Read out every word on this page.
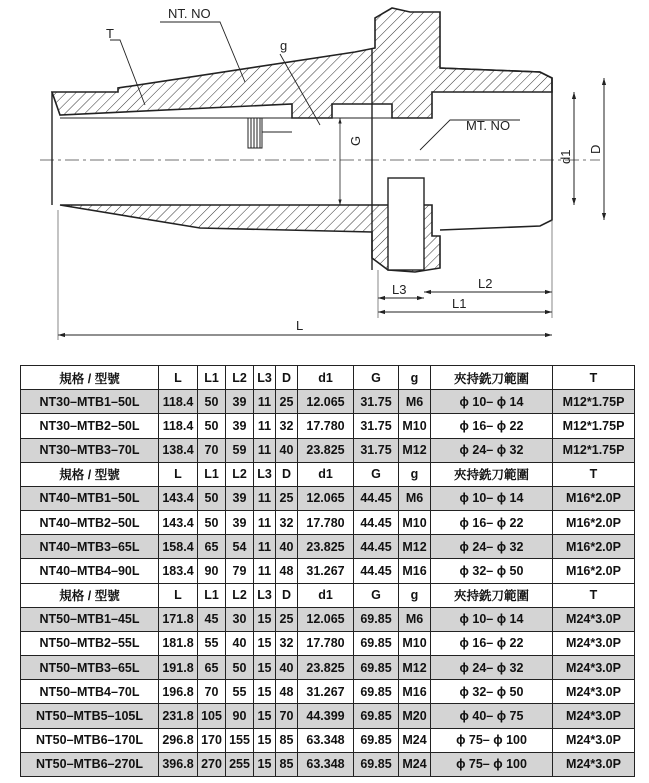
NT. NO
T
g
G
MT. NO
d1
D
L3	L2
L1
L
規格 / 型號	L	L1	L2	L3	D	d1	G	g	夾持銑刀範圍	T
NT30–MTB1–50L	118.4	50	39	11	25	12.065	31.75	M6	ϕ 10– ϕ 14	M12*1.75P
NT30–MTB2–50L	118.4	50	39	11	32	17.780	31.75	M10	ϕ 16– ϕ 22	M12*1.75P
NT30–MTB3–70L	138.4	70	59	11	40	23.825	31.75	M12	ϕ 24– ϕ 32	M12*1.75P
規格 / 型號	L	L1	L2	L3	D	d1	G	g	夾持銑刀範圍	T
NT40–MTB1–50L	143.4	50	39	11	25	12.065	44.45	M6	ϕ 10– ϕ 14	M16*2.0P
NT40–MTB2–50L	143.4	50	39	11	32	17.780	44.45	M10	ϕ 16– ϕ 22	M16*2.0P
NT40–MTB3–65L	158.4	65	54	11	40	23.825	44.45	M12	ϕ 24– ϕ 32	M16*2.0P
NT40–MTB4–90L	183.4	90	79	11	48	31.267	44.45	M16	ϕ 32– ϕ 50	M16*2.0P
規格 / 型號	L	L1	L2	L3	D	d1	G	g	夾持銑刀範圍	T
NT50–MTB1–45L	171.8	45	30	15	25	12.065	69.85	M6	ϕ 10– ϕ 14	M24*3.0P
NT50–MTB2–55L	181.8	55	40	15	32	17.780	69.85	M10	ϕ 16– ϕ 22	M24*3.0P
NT50–MTB3–65L	191.8	65	50	15	40	23.825	69.85	M12	ϕ 24– ϕ 32	M24*3.0P
NT50–MTB4–70L	196.8	70	55	15	48	31.267	69.85	M16	ϕ 32– ϕ 50	M24*3.0P
NT50–MTB5–105L	231.8	105	90	15	70	44.399	69.85	M20	ϕ 40– ϕ 75	M24*3.0P
NT50–MTB6–170L	296.8	170	155	15	85	63.348	69.85	M24	ϕ 75– ϕ 100	M24*3.0P
NT50–MTB6–270L	396.8	270	255	15	85	63.348	69.85	M24	ϕ 75– ϕ 100	M24*3.0P
